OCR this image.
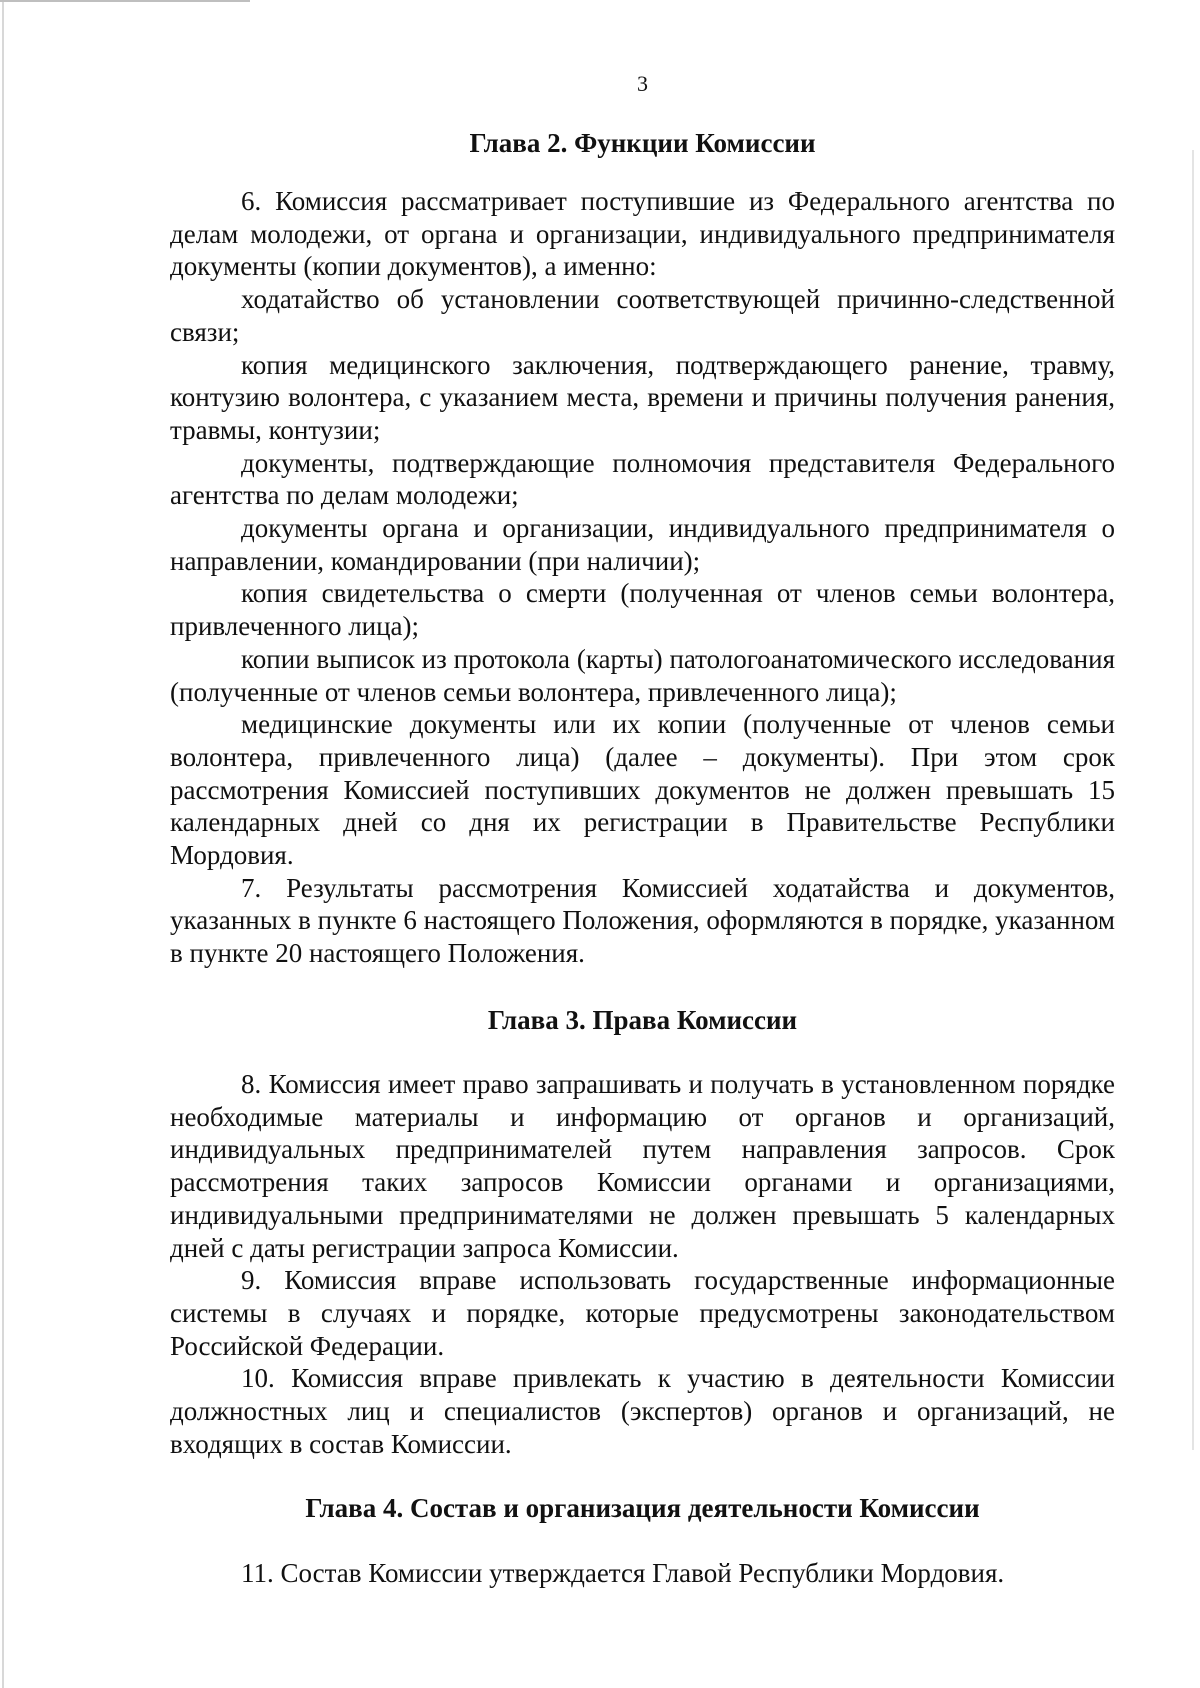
3
Глава 2. Функции Комиссии

6. Комиссия рассматривает поступившие из Федерального агентства по делам молодежи, от органа и организации, индивидуального предпринимателя документы (копии документов), а именно:

ходатайство об установлении соответствующей причинно-следственной связи;

копия медицинского заключения, подтверждающего ранение, травму, контузию волонтера, с указанием места, времени и причины получения ранения, травмы, контузии;

документы, подтверждающие полномочия представителя Федерального агентства по делам молодежи;

документы органа и организации, индивидуального предпринимателя о направлении, командировании (при наличии);

копия свидетельства о смерти (полученная от членов семьи волонтера, привлеченного лица);

копии выписок из протокола (карты) патологоанатомического исследования (полученные от членов семьи волонтера, привлеченного лица);

медицинские документы или их копии (полученные от членов семьи волонтера, привлеченного лица) (далее – документы). При этом срок рассмотрения Комиссией поступивших документов не должен превышать 15 календарных дней со дня их регистрации в Правительстве Республики Мордовия.

7. Результаты рассмотрения Комиссией ходатайства и документов, указанных в пункте 6 настоящего Положения, оформляются в порядке, указанном в пункте 20 настоящего Положения.

Глава 3. Права Комиссии

8. Комиссия имеет право запрашивать и получать в установленном порядке необходимые материалы и информацию от органов и организаций, индивидуальных предпринимателей путем направления запросов. Срок рассмотрения таких запросов Комиссии органами и организациями, индивидуальными предпринимателями не должен превышать 5 календарных дней с даты регистрации запроса Комиссии.

9. Комиссия вправе использовать государственные информационные системы в случаях и порядке, которые предусмотрены законодательством Российской Федерации.

10. Комиссия вправе привлекать к участию в деятельности Комиссии должностных лиц и специалистов (экспертов) органов и организаций, не входящих в состав Комиссии.

Глава 4. Состав и организация деятельности Комиссии

11. Состав Комиссии утверждается Главой Республики Мордовия.
